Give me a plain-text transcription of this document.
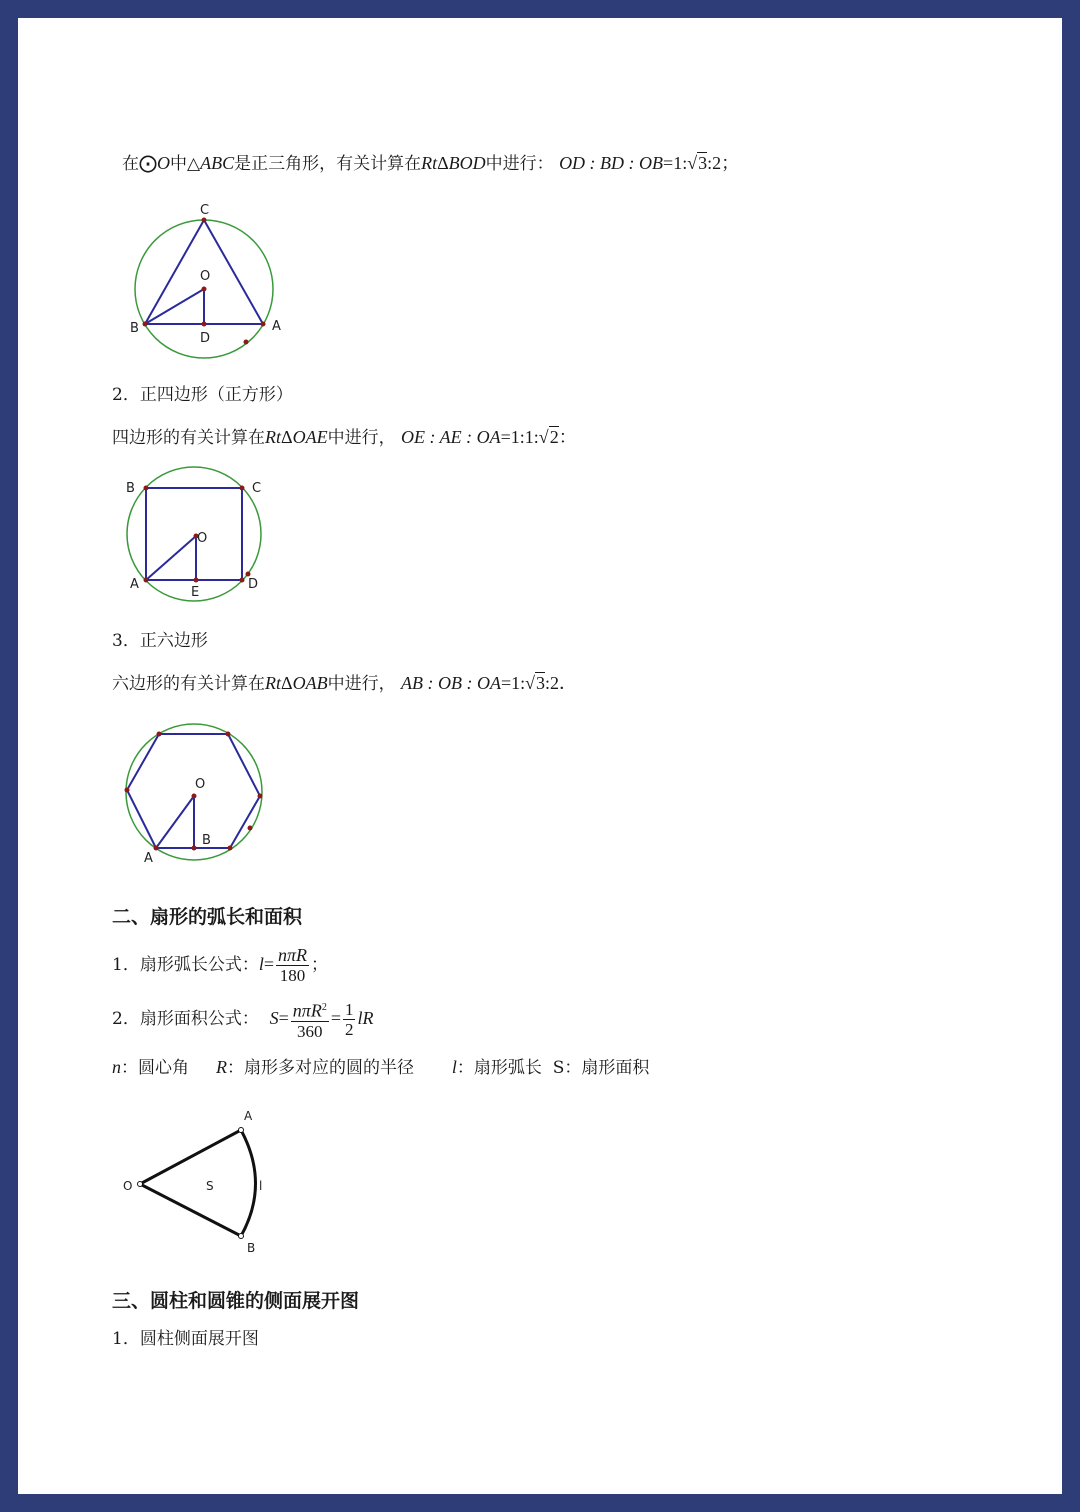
在⨀O中△ABC是正三角形，有关计算在RtΔBOD中进行： OD : BD : OB=1:√3:2；
C
O
B
D
A
2．正四边形（正方形）
四边形的有关计算在RtΔOAE中进行， OE : AE : OA=1:1:√2：
B	C
O
A
E
D
3．正六边形
六边形的有关计算在RtΔOAB中进行， AB : OB : OA=1:√3:2．
O
B
A
二、扇形的弧长和面积
1．扇形弧长公式：$l= \frac{\text{nπR}}{180}$ ；
2．扇形面积公式： $S= \frac{n\pi R^2}{360} = \frac{1}{2}$ lR
n：圆心角 R：扇形多对应的圆的半径 l：扇形弧长 S：扇形面积
A
O	S	l
B
三、圆柱和圆锥的侧面展开图
1．圆柱侧面展开图
